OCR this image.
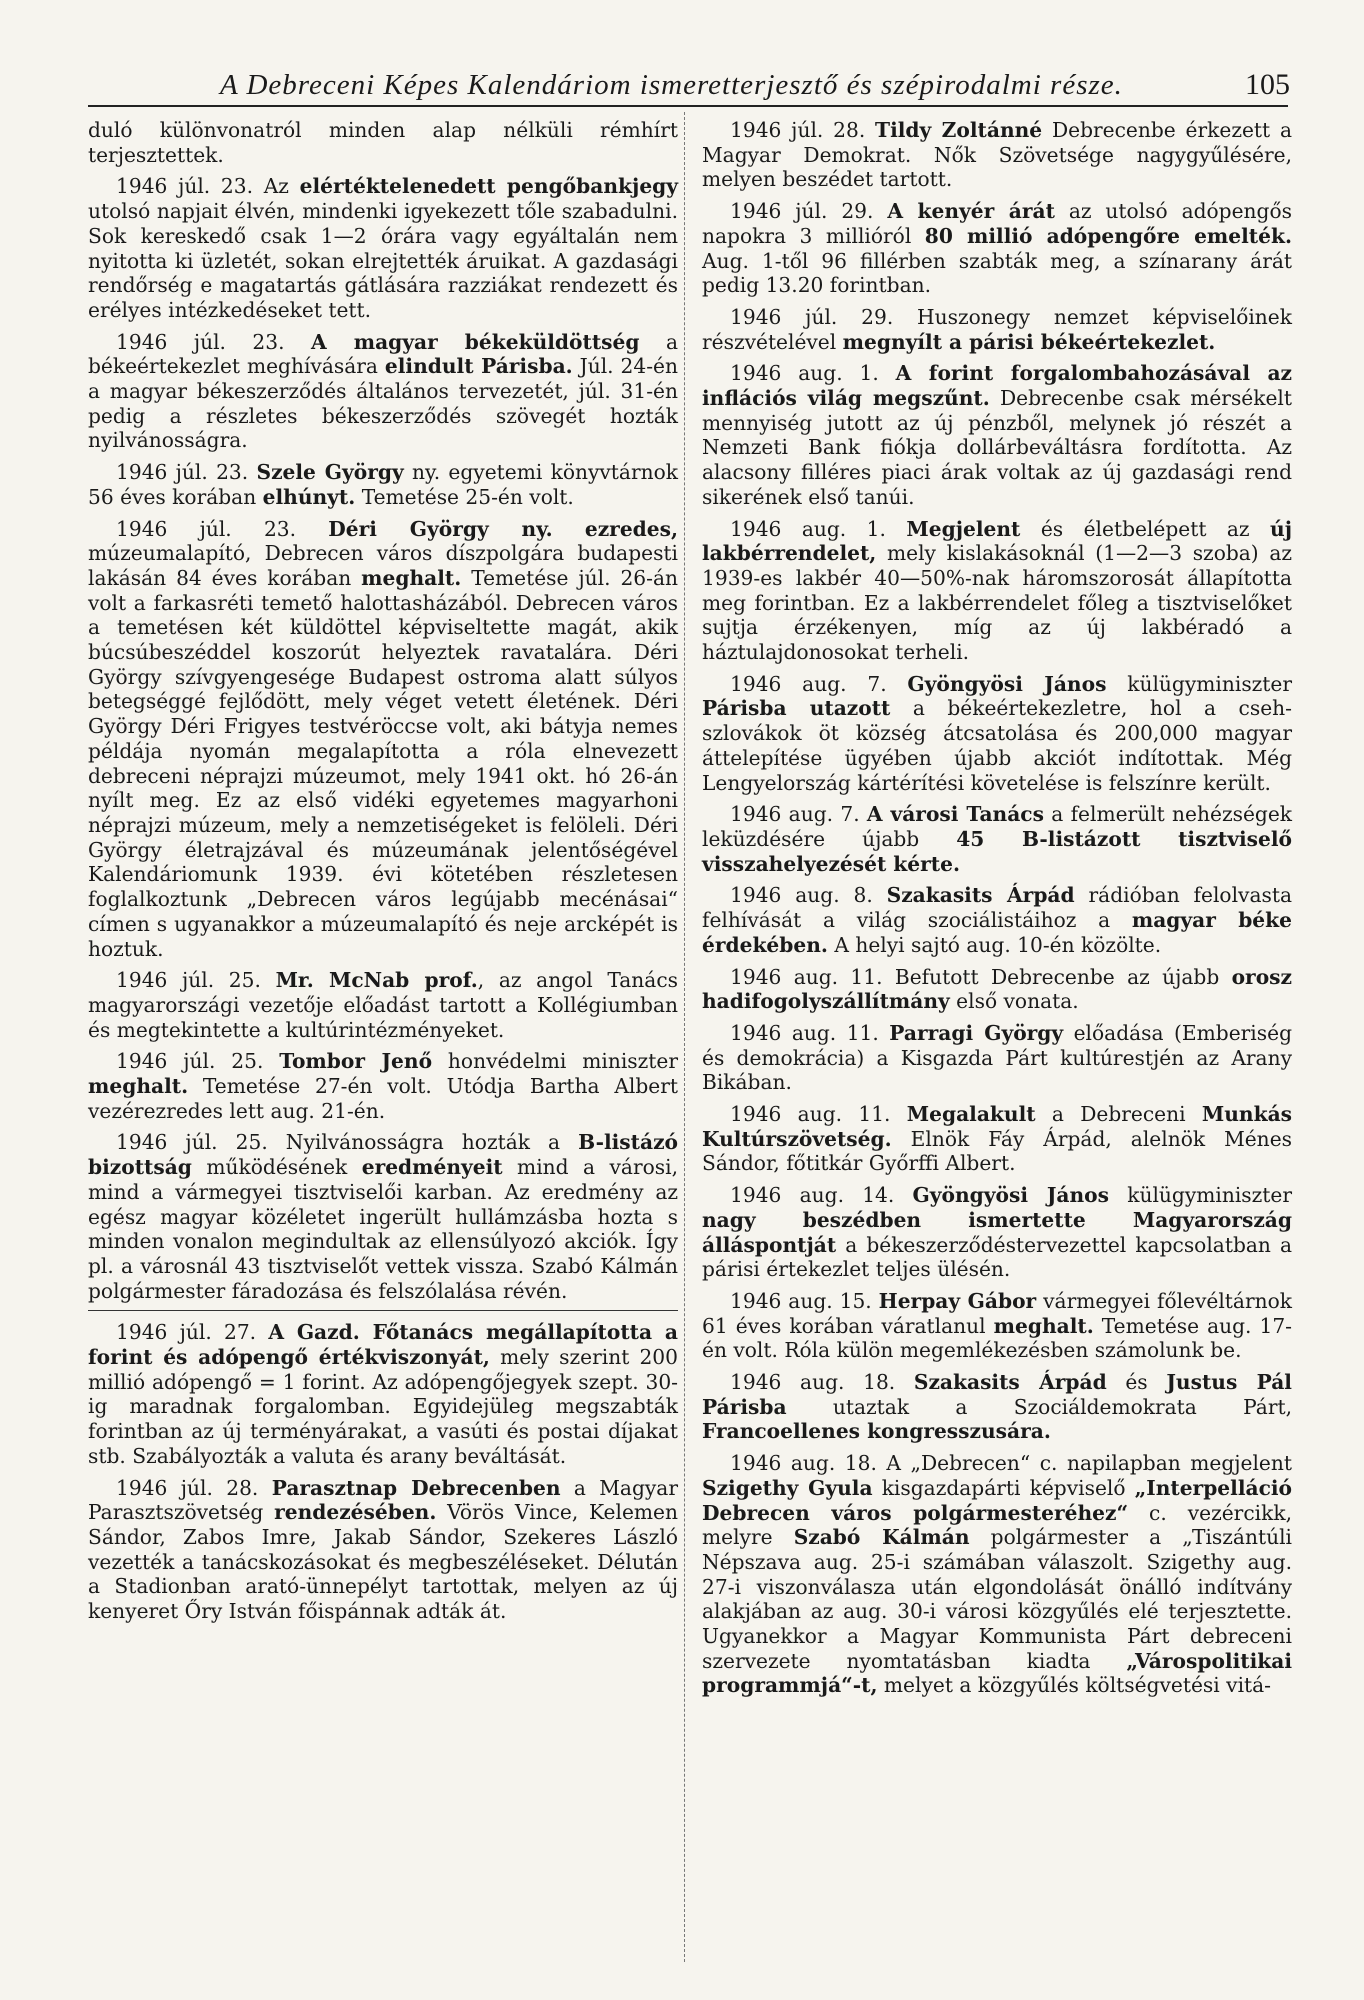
A Debreceni Képes Kalendáriom ismeretterjesztő és szépirodalmi része.	105

duló különvonatról minden alap nélküli rémhírt terjesztettek.

1946 júl. 23. Az elértéktelenedett pengőbankjegy utolsó napjait élvén, mindenki igyekezett tőle szabadulni. Sok kereskedő csak 1—2 órára vagy egyáltalán nem nyitotta ki üzletét, sokan elrejtették áruikat. A gazdasági rendőrség e magatartás gátlására razziákat rendezett és erélyes intézkedéseket tett.

1946 júl. 23. A magyar békeküldöttség a békeértekezlet meghívására elindult Párisba. Júl. 24-én a magyar békeszerződés általános tervezetét, júl. 31-én pedig a részletes békeszerződés szövegét hozták nyilvánosságra.

1946 júl. 23. Szele György ny. egyetemi könyvtárnok 56 éves korában elhúnyt. Temetése 25-én volt.

1946 júl. 23. Déri György ny. ezredes, múzeumalapító, Debrecen város díszpolgára budapesti lakásán 84 éves korában meghalt. Temetése júl. 26-án volt a farkasréti temető halottasházából. Debrecen város a temetésen két küldöttel képviseltette magát, akik búcsúbeszéddel koszorút helyeztek ravatalára. Déri György szívgyengesége Budapest ostroma alatt súlyos betegséggé fejlődött, mely véget vetett életének. Déri György Déri Frigyes testvéröccse volt, aki bátyja nemes példája nyomán megalapította a róla elnevezett debreceni néprajzi múzeumot, mely 1941 okt. hó 26-án nyílt meg. Ez az első vidéki egyetemes magyarhoni néprajzi múzeum, mely a nemzetiségeket is felöleli. Déri György életrajzával és múzeumának jelentőségével Kalendáriomunk 1939. évi kötetében részletesen foglalkoztunk „Debrecen város legújabb mecénásai“ címen s ugyanakkor a múzeumalapító és neje arcképét is hoztuk.

1946 júl. 25. Mr. McNab prof., az angol Tanács magyarországi vezetője előadást tartott a Kollégiumban és megtekintette a kultúrintézményeket.

1946 júl. 25. Tombor Jenő honvédelmi miniszter meghalt. Temetése 27-én volt. Utódja Bartha Albert vezérezredes lett aug. 21-én.

1946 júl. 25. Nyilvánosságra hozták a B-listázó bizottság működésének eredményeit mind a városi, mind a vármegyei tisztviselői karban. Az eredmény az egész magyar közéletet ingerült hullámzásba hozta s minden vonalon megindultak az ellensúlyozó akciók. Így pl. a városnál 43 tisztviselőt vettek vissza. Szabó Kálmán polgármester fáradozása és felszólalása révén.

1946 júl. 27. A Gazd. Főtanács megállapította a forint és adópengő értékviszonyát, mely szerint 200 millió adópengő = 1 forint. Az adópengőjegyek szept. 30-ig maradnak forgalomban. Egyidejüleg megszabták forintban az új terményárakat, a vasúti és postai díjakat stb. Szabályozták a valuta és arany beváltását.

1946 júl. 28. Parasztnap Debrecenben a Magyar Parasztszövetség rendezésében. Vörös Vince, Kelemen Sándor, Zabos Imre, Jakab Sándor, Szekeres László vezették a tanácskozásokat és megbeszéléseket. Délután a Stadionban arató-ünnepélyt tartottak, melyen az új kenyeret Őry István főispánnak adták át.

1946 júl. 28. Tildy Zoltánné Debrecenbe érkezett a Magyar Demokrat. Nők Szövetsége nagygyűlésére, melyen beszédet tartott.

1946 júl. 29. A kenyér árát az utolsó adópengős napokra 3 millióról 80 millió adópengőre emelték. Aug. 1-től 96 fillérben szabták meg, a színarany árát pedig 13.20 forintban.

1946 júl. 29. Huszonegy nemzet képviselőinek részvételével megnyílt a párisi békeértekezlet.

1946 aug. 1. A forint forgalombahozásával az inflációs világ megszűnt. Debrecenbe csak mérsékelt mennyiség jutott az új pénzből, melynek jó részét a Nemzeti Bank fiókja dollárbeváltásra fordította. Az alacsony filléres piaci árak voltak az új gazdasági rend sikerének első tanúi.

1946 aug. 1. Megjelent és életbelépett az új lakbérrendelet, mely kislakásoknál (1—2—3 szoba) az 1939-es lakbér 40—50%-nak háromszorosát állapította meg forintban. Ez a lakbérrendelet főleg a tisztviselőket sujtja érzékenyen, míg az új lakbéradó a háztulajdonosokat terheli.

1946 aug. 7. Gyöngyösi János külügyminiszter Párisba utazott a békeértekezletre, hol a cseh-szlovákok öt község átcsatolása és 200,000 magyar áttelepítése ügyében újabb akciót indítottak. Még Lengyelország kártérítési követelése is felszínre került.

1946 aug. 7. A városi Tanács a felmerült nehézségek leküzdésére újabb 45 B-listázott tisztviselő visszahelyezését kérte.

1946 aug. 8. Szakasits Árpád rádióban felolvasta felhívását a világ szociálistáihoz a magyar béke érdekében. A helyi sajtó aug. 10-én közölte.

1946 aug. 11. Befutott Debrecenbe az újabb orosz hadifogolyszállítmány első vonata.

1946 aug. 11. Parragi György előadása (Emberiség és demokrácia) a Kisgazda Párt kultúrestjén az Arany Bikában.

1946 aug. 11. Megalakult a Debreceni Munkás Kultúrszövetség. Elnök Fáy Árpád, alelnök Ménes Sándor, főtitkár Győrffi Albert.

1946 aug. 14. Gyöngyösi János külügyminiszter nagy beszédben ismertette Magyarország álláspontját a békeszerződéstervezettel kapcsolatban a párisi értekezlet teljes ülésén.

1946 aug. 15. Herpay Gábor vármegyei főlevéltárnok 61 éves korában váratlanul meghalt. Temetése aug. 17-én volt. Róla külön megemlékezésben számolunk be.

1946 aug. 18. Szakasits Árpád és Justus Pál Párisba utaztak a Szociáldemokrata Párt, Francoellenes kongresszusára.

1946 aug. 18. A „Debrecen“ c. napilapban megjelent Szigethy Gyula kisgazdapárti képviselő „Interpelláció Debrecen város polgármesteréhez“ c. vezércikk, melyre Szabó Kálmán polgármester a „Tiszántúli Népszava aug. 25-i számában válaszolt. Szigethy aug. 27-i viszonválasza után elgondolását önálló indítvány alakjában az aug. 30-i városi közgyűlés elé terjesztette. Ugyanekkor a Magyar Kommunista Párt debreceni szervezete nyomtatásban kiadta „Várospolitikai programmjá“-t, melyet a közgyűlés költségvetési vitá-
